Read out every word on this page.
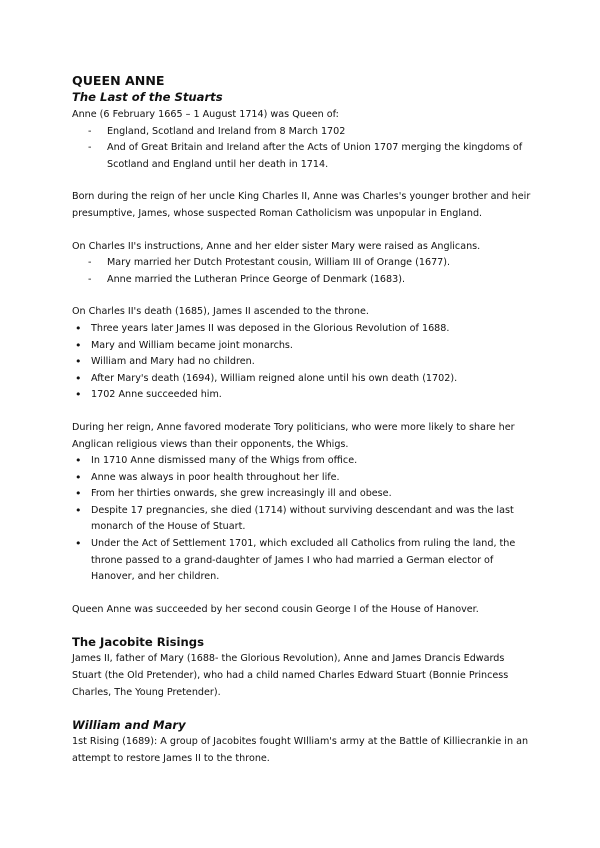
QUEEN ANNE
The Last of the Stuarts

Anne (6 February 1665 – 1 August 1714) was Queen of:

- England, Scotland and Ireland from 8 March 1702
- And of Great Britain and Ireland after the Acts of Union 1707 merging the kingdoms of Scotland and England until her death in 1714.

Born during the reign of her uncle King Charles II, Anne was Charles's younger brother and heir presumptive, James, whose suspected Roman Catholicism was unpopular in England.

On Charles II's instructions, Anne and her elder sister Mary were raised as Anglicans.

- Mary married her Dutch Protestant cousin, William III of Orange (1677).
- Anne married the Lutheran Prince George of Denmark (1683).

On Charles II's death (1685), James II ascended to the throne.

• Three years later James II was deposed in the Glorious Revolution of 1688.
• Mary and William became joint monarchs.
• William and Mary had no children.
• After Mary's death (1694), William reigned alone until his own death (1702).
• 1702 Anne succeeded him.

During her reign, Anne favored moderate Tory politicians, who were more likely to share her Anglican religious views than their opponents, the Whigs.

• In 1710 Anne dismissed many of the Whigs from office.
• Anne was always in poor health throughout her life.
• From her thirties onwards, she grew increasingly ill and obese.
• Despite 17 pregnancies, she died (1714) without surviving descendant and was the last monarch of the House of Stuart.
• Under the Act of Settlement 1701, which excluded all Catholics from ruling the land, the throne passed to a grand-daughter of James I who had married a German elector of Hanover, and her children.

Queen Anne was succeeded by her second cousin George I of the House of Hanover.

The Jacobite Risings

James II, father of Mary (1688- the Glorious Revolution), Anne and James Drancis Edwards Stuart (the Old Pretender), who had a child named Charles Edward Stuart (Bonnie Princess Charles, The Young Pretender).

William and Mary

1st Rising (1689): A group of Jacobites fought WIlliam's army at the Battle of Killiecrankie in an attempt to restore James II to the throne.
